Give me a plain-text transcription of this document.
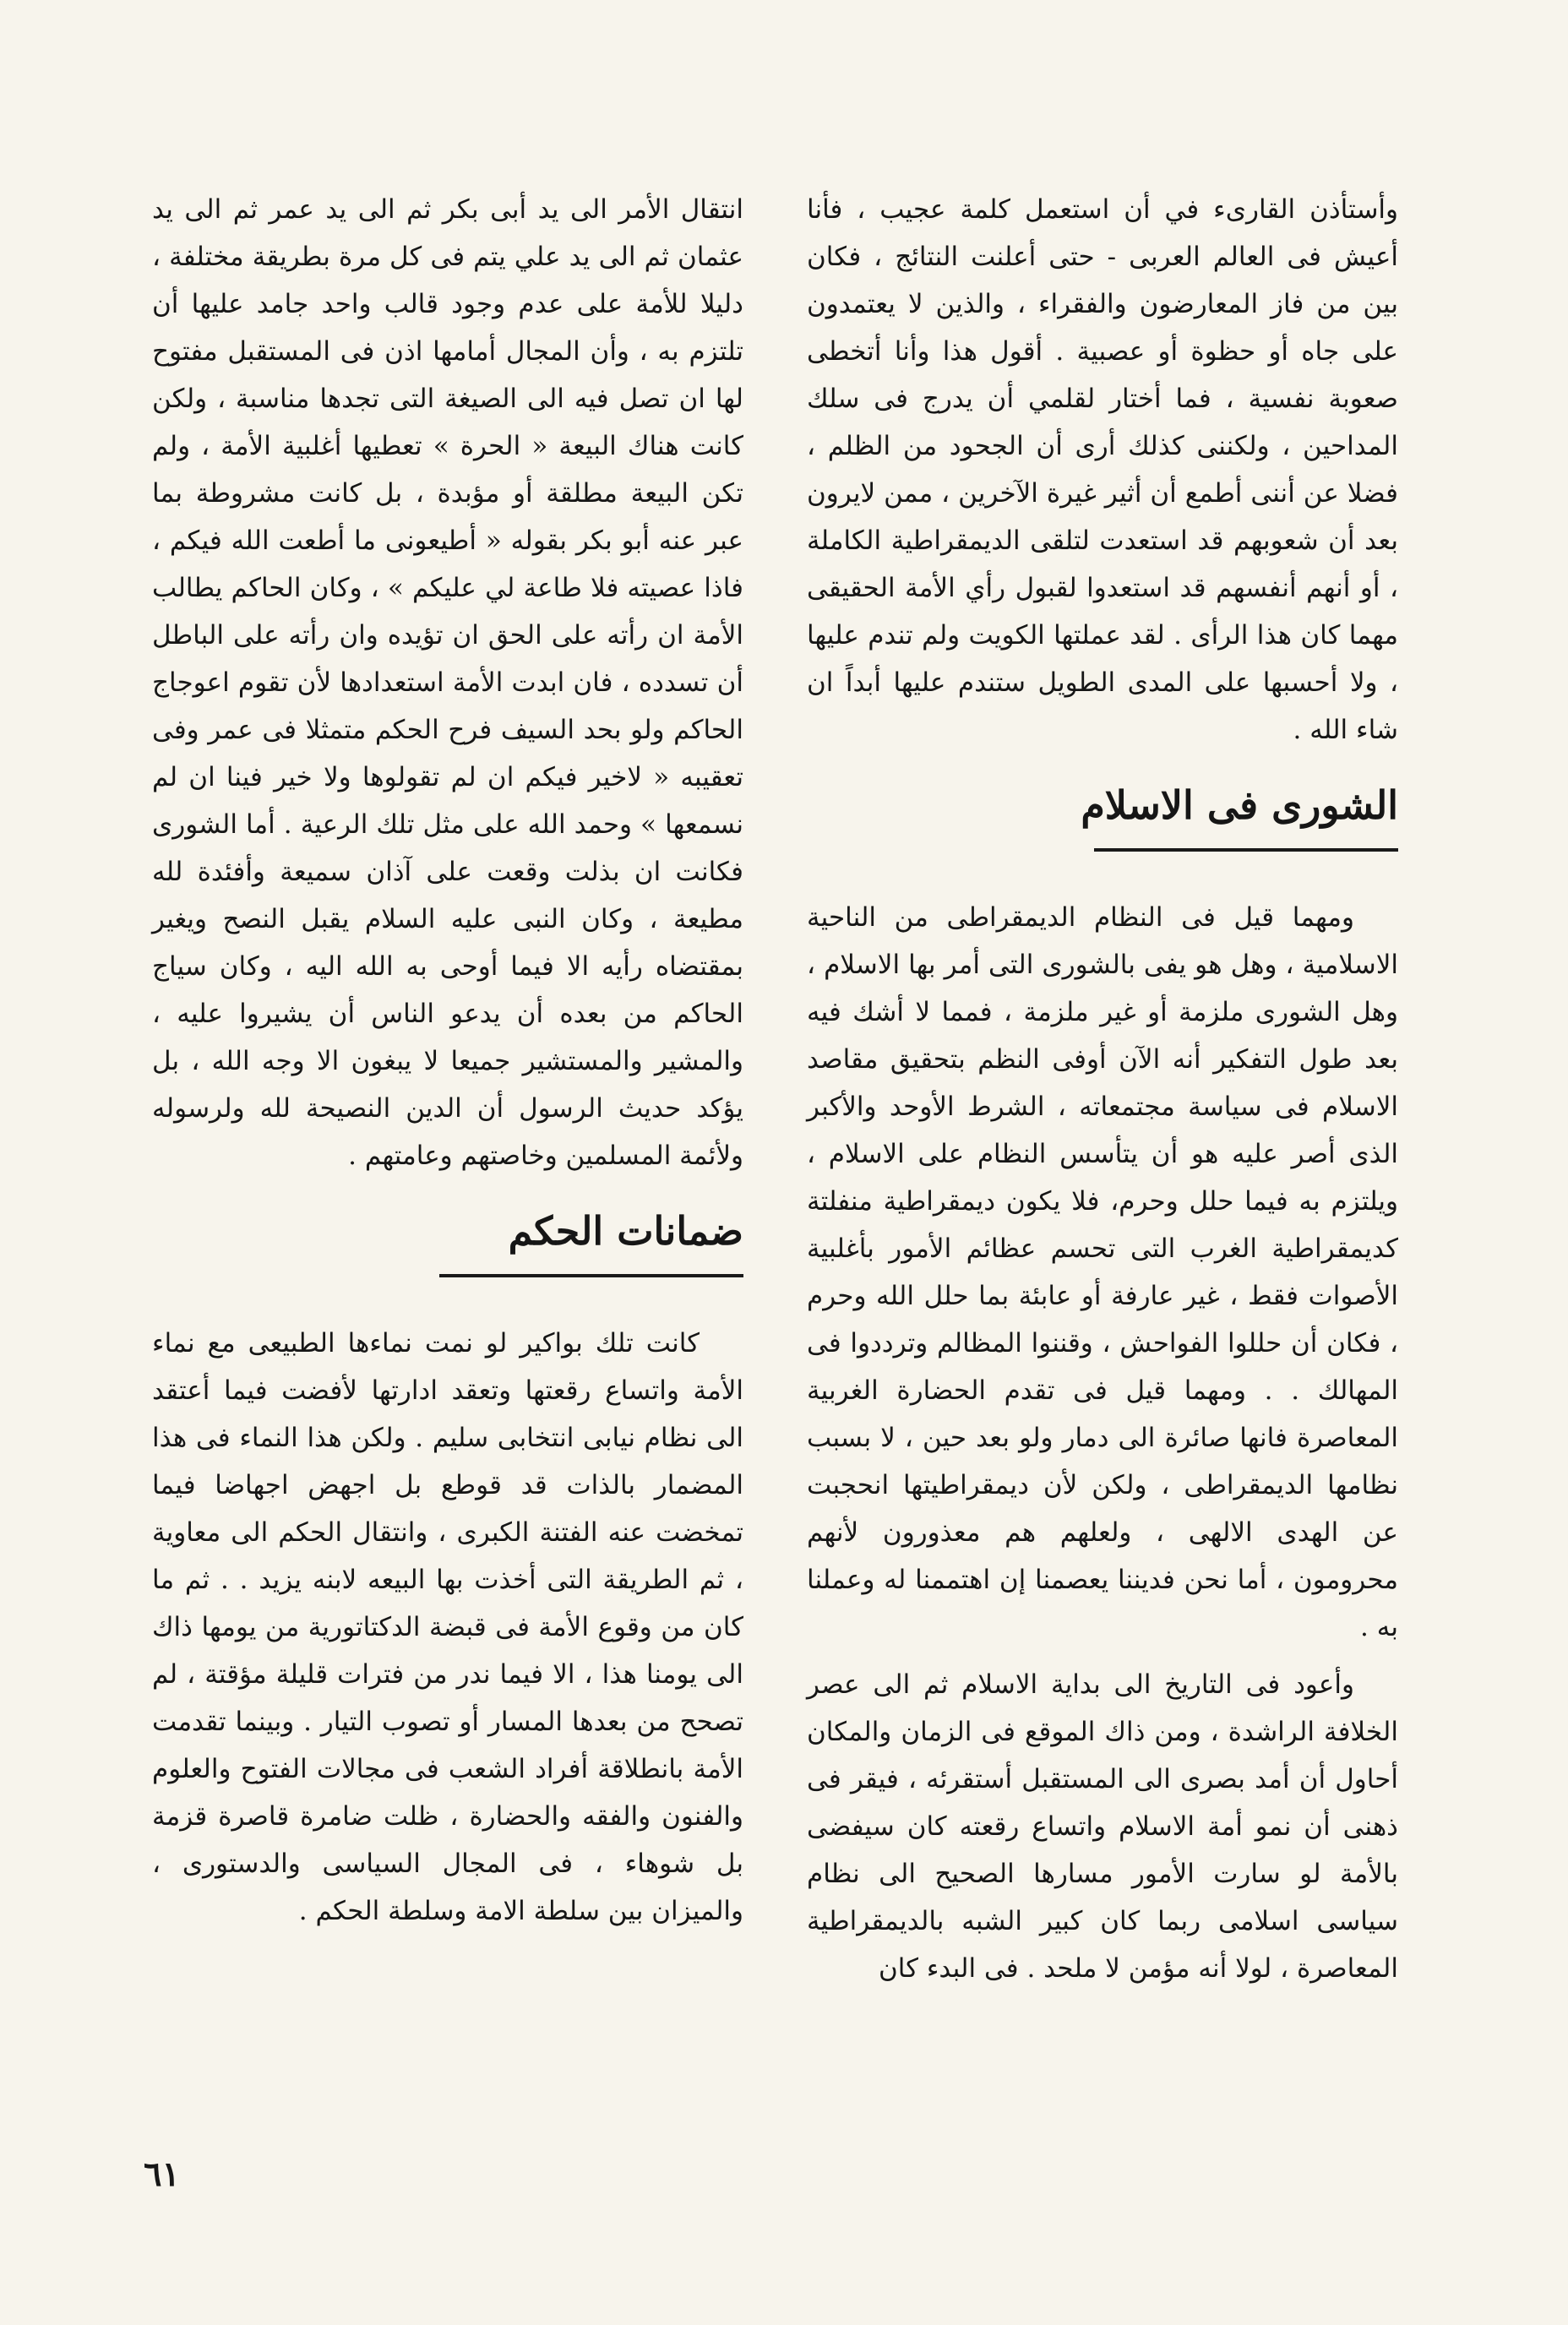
وأستأذن القارىء في أن استعمل كلمة عجيب ، فأنا أعيش فى العالم العربى - حتى أعلنت النتائج ، فكان بين من فاز المعارضون والفقراء ، والذين لا يعتمدون على جاه أو حظوة أو عصبية . أقول هذا وأنا أتخطى صعوبة نفسية ، فما أختار لقلمي أن يدرج فى سلك المداحين ، ولكننى كذلك أرى أن الجحود من الظلم ، فضلا عن أننى أطمع أن أثير غيرة الآخرين ، ممن لايرون بعد أن شعوبهم قد استعدت لتلقى الديمقراطية الكاملة ، أو أنهم أنفسهم قد استعدوا لقبول رأي الأمة الحقيقى مهما كان هذا الرأى . لقد عملتها الكويت ولم تندم عليها ، ولا أحسبها على المدى الطويل ستندم عليها أبداً ان شاء الله .

الشورى فى الاسلام

ومهما قيل فى النظام الديمقراطى من الناحية الاسلامية ، وهل هو يفى بالشورى التى أمر بها الاسلام ، وهل الشورى ملزمة أو غير ملزمة ، فمما لا أشك فيه بعد طول التفكير أنه الآن أوفى النظم بتحقيق مقاصد الاسلام فى سياسة مجتمعاته ، الشرط الأوحد والأكبر الذى أصر عليه هو أن يتأسس النظام على الاسلام ، ويلتزم به فيما حلل وحرم، فلا يكون ديمقراطية منفلتة كديمقراطية الغرب التى تحسم عظائم الأمور بأغلبية الأصوات فقط ، غير عارفة أو عابئة بما حلل الله وحرم ، فكان أن حللوا الفواحش ، وقننوا المظالم وترددوا فى المهالك . . ومهما قيل فى تقدم الحضارة الغربية المعاصرة فانها صائرة الى دمار ولو بعد حين ، لا بسبب نظامها الديمقراطى ، ولكن لأن ديمقراطيتها انحجبت عن الهدى الالهى ، ولعلهم هم معذورون لأنهم محرومون ، أما نحن فديننا يعصمنا إن اهتممنا له وعملنا به .

وأعود فى التاريخ الى بداية الاسلام ثم الى عصر الخلافة الراشدة ، ومن ذاك الموقع فى الزمان والمكان أحاول أن أمد بصرى الى المستقبل أستقرئه ، فيقر فى ذهنى أن نمو أمة الاسلام واتساع رقعته كان سيفضى بالأمة لو سارت الأمور مسارها الصحيح الى نظام سياسى اسلامى ربما كان كبير الشبه بالديمقراطية المعاصرة ، لولا أنه مؤمن لا ملحد . فى البدء كان

انتقال الأمر الى يد أبى بكر ثم الى يد عمر ثم الى يد عثمان ثم الى يد علي يتم فى كل مرة بطريقة مختلفة ، دليلا للأمة على عدم وجود قالب واحد جامد عليها أن تلتزم به ، وأن المجال أمامها اذن فى المستقبل مفتوح لها ان تصل فيه الى الصيغة التى تجدها مناسبة ، ولكن كانت هناك البيعة « الحرة » تعطيها أغلبية الأمة ، ولم تكن البيعة مطلقة أو مؤبدة ، بل كانت مشروطة بما عبر عنه أبو بكر بقوله « أطيعونى ما أطعت الله فيكم ، فاذا عصيته فلا طاعة لي عليكم » ، وكان الحاكم يطالب الأمة ان رأته على الحق ان تؤيده وان رأته على الباطل أن تسدده ، فان ابدت الأمة استعدادها لأن تقوم اعوجاج الحاكم ولو بحد السيف فرح الحكم متمثلا فى عمر وفى تعقيبه « لاخير فيكم ان لم تقولوها ولا خير فينا ان لم نسمعها » وحمد الله على مثل تلك الرعية . أما الشورى فكانت ان بذلت وقعت على آذان سميعة وأفئدة لله مطيعة ، وكان النبى عليه السلام يقبل النصح ويغير بمقتضاه رأيه الا فيما أوحى به الله اليه ، وكان سياج الحاكم من بعده أن يدعو الناس أن يشيروا عليه ، والمشير والمستشير جميعا لا يبغون الا وجه الله ، بل يؤكد حديث الرسول أن الدين النصيحة لله ولرسوله ولأئمة المسلمين وخاصتهم وعامتهم .

ضمانات الحكم

كانت تلك بواكير لو نمت نماءها الطبيعى مع نماء الأمة واتساع رقعتها وتعقد ادارتها لأفضت فيما أعتقد الى نظام نيابى انتخابى سليم . ولكن هذا النماء فى هذا المضمار بالذات قد قوطع بل اجهض اجهاضا فيما تمخضت عنه الفتنة الكبرى ، وانتقال الحكم الى معاوية ، ثم الطريقة التى أخذت بها البيعه لابنه يزيد . . ثم ما كان من وقوع الأمة فى قبضة الدكتاتورية من يومها ذاك الى يومنا هذا ، الا فيما ندر من فترات قليلة مؤقتة ، لم تصحح من بعدها المسار أو تصوب التيار . وبينما تقدمت الأمة بانطلاقة أفراد الشعب فى مجالات الفتوح والعلوم والفنون والفقه والحضارة ، ظلت ضامرة قاصرة قزمة بل شوهاء ، فى المجال السياسى والدستورى ، والميزان بين سلطة الامة وسلطة الحكم .

٦١
